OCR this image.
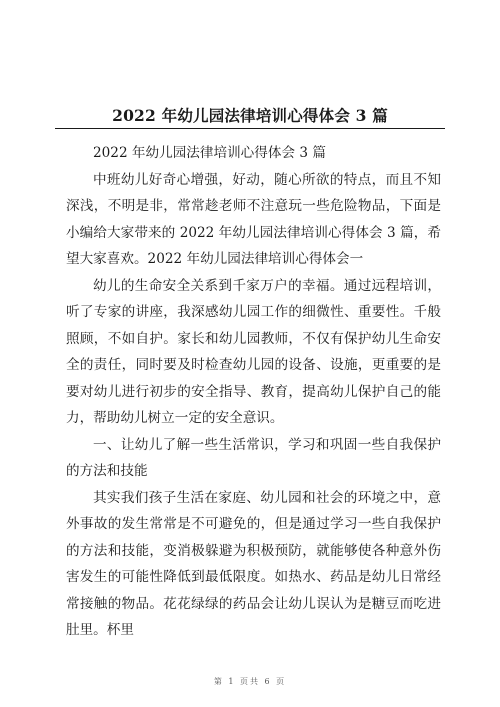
2022 年幼儿园法律培训心得体会 3 篇

2022 年幼儿园法律培训心得体会 3 篇

中班幼儿好奇心增强，好动，随心所欲的特点，而且不知深浅，不明是非，常常趁老师不注意玩一些危险物品，下面是小编给大家带来的 2022 年幼儿园法律培训心得体会 3 篇，希望大家喜欢。2022 年幼儿园法律培训心得体会一

幼儿的生命安全关系到千家万户的幸福。通过远程培训，听了专家的讲座，我深感幼儿园工作的细微性、重要性。千般照顾，不如自护。家长和幼儿园教师，不仅有保护幼儿生命安全的责任，同时要及时检查幼儿园的设备、设施，更重要的是要对幼儿进行初步的安全指导、教育，提高幼儿保护自己的能力，帮助幼儿树立一定的安全意识。

一、让幼儿了解一些生活常识，学习和巩固一些自我保护的方法和技能

其实我们孩子生活在家庭、幼儿园和社会的环境之中，意外事故的发生常常是不可避免的，但是通过学习一些自我保护的方法和技能，变消极躲避为积极预防，就能够使各种意外伤害发生的可能性降低到最低限度。如热水、药品是幼儿日常经常接触的物品。花花绿绿的药品会让幼儿误认为是糖豆而吃进肚里。杯里

第 1 页共 6 页
